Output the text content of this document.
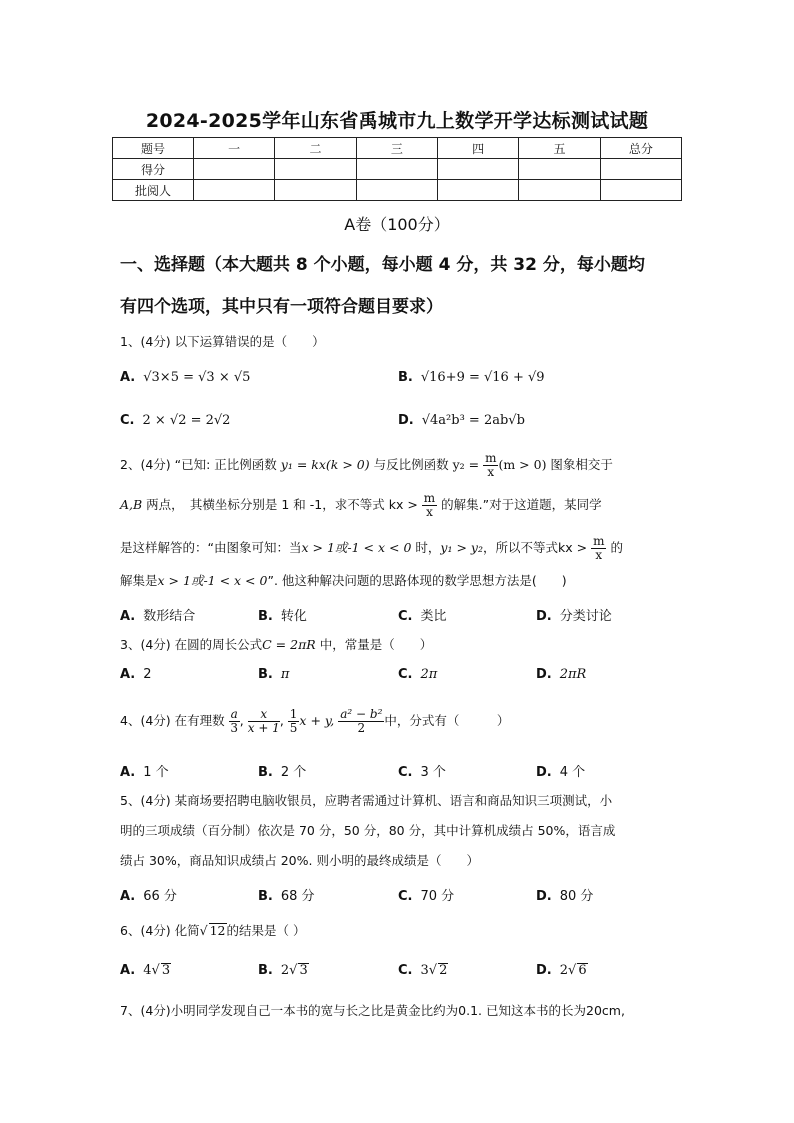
2024-2025学年山东省禹城市九上数学开学达标测试试题
题号	一	二	三	四	五	总分
得分						
批阅人						
A卷（100分）
一、选择题（本大题共 8 个小题，每小题 4 分，共 32 分，每小题均
有四个选项，其中只有一项符合题目要求）
1、(4分) 以下运算错误的是（　　）
A. √3×5 = √3 × √5	B. √16+9 = √16 + √9
C. 2 × √2 = 2√2	D. √4a²b³ = 2ab√b
2、(4分) “已知: 正比例函数 y₁ = kx(k > 0) 与反比例函数 $y_2 = \frac{m}{x} (m > 0)$ 图象相交于
A,B 两点，　其横坐标分别是 1 和 -1，求不等式 kx > $\frac{m}{x}$ 的解集.”对于这道题，某同学
是这样解答的：“由图象可知：当x > 1或-1 < x < 0 时，y₁ > y₂，所以不等式kx > $\frac{m}{x}$ 的
解集是x > 1或-1 < x < 0”. 他这种解决问题的思路体现的数学思想方法是(　　)
A. 数形结合	B. 转化	C. 类比	D. 分类讨论
3、(4分) 在圆的周长公式C = 2πR 中，常量是（　　）
A. 2	B. π	C. 2π	D. 2πR
4、(4分) 在有理数 $\frac{a}{3}$ , $\frac{x}{x + 1}$ , $\frac{1}{5}$ x + y, $\frac{\text{a² − b²}}{2}$ 中，分式有（　　　）
A. 1 个	B. 2 个	C. 3 个	D. 4 个
5、(4分) 某商场要招聘电脑收银员，应聘者需通过计算机、语言和商品知识三项测试，小
明的三项成绩（百分制）依次是 70 分，50 分，80 分，其中计算机成绩占 50%，语言成
绩占 30%，商品知识成绩占 20%. 则小明的最终成绩是（　　）
A. 66 分	B. 68 分	C. 70 分	D. 80 分
6、(4分) 化简√ 12的结果是（ ）
A. 4√ 3	B. 2√ 3	C. 3√ 2	D. 2√ 6
7、(4分)小明同学发现自己一本书的宽与长之比是黄金比约为0.1. 已知这本书的长为20cm,
